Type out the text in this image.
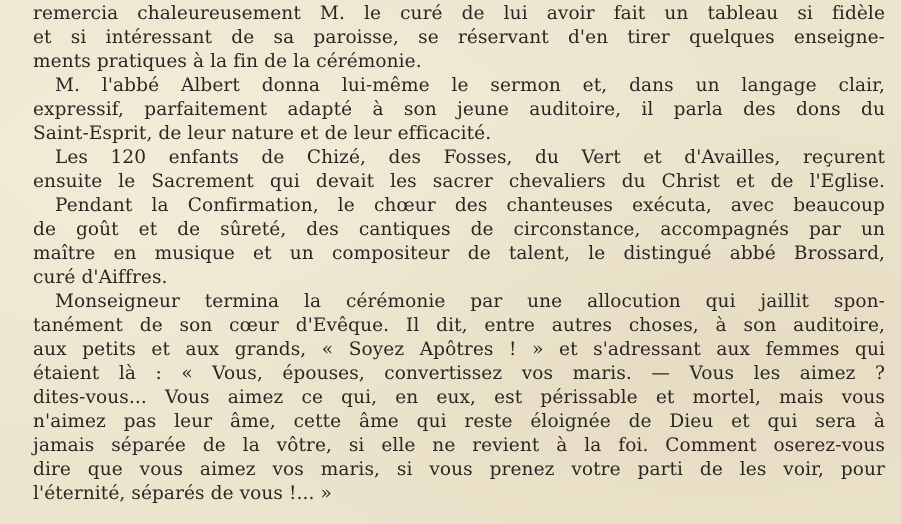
remercia chaleureusement M. le curé de lui avoir fait un tableau si fidèle
et si intéressant de sa paroisse, se réservant d'en tirer quelques enseigne-
ments pratiques à la fin de la cérémonie.
M. l'abbé Albert donna lui-même le sermon et, dans un langage clair,
expressif, parfaitement adapté à son jeune auditoire, il parla des dons du
Saint-Esprit, de leur nature et de leur efficacité.
Les 120 enfants de Chizé, des Fosses, du Vert et d'Availles, reçurent
ensuite le Sacrement qui devait les sacrer chevaliers du Christ et de l'Eglise.
Pendant la Confirmation, le chœur des chanteuses exécuta, avec beaucoup
de goût et de sûreté, des cantiques de circonstance, accompagnés par un
maître en musique et un compositeur de talent, le distingué abbé Brossard,
curé d'Aiffres.
Monseigneur termina la cérémonie par une allocution qui jaillit spon-
tanément de son cœur d'Evêque. Il dit, entre autres choses, à son auditoire,
aux petits et aux grands, « Soyez Apôtres ! » et s'adressant aux femmes qui
étaient là : « Vous, épouses, convertissez vos maris. — Vous les aimez ?
dites-vous... Vous aimez ce qui, en eux, est périssable et mortel, mais vous
n'aimez pas leur âme, cette âme qui reste éloignée de Dieu et qui sera à
jamais séparée de la vôtre, si elle ne revient à la foi. Comment oserez-vous
dire que vous aimez vos maris, si vous prenez votre parti de les voir, pour
l'éternité, séparés de vous !... »
